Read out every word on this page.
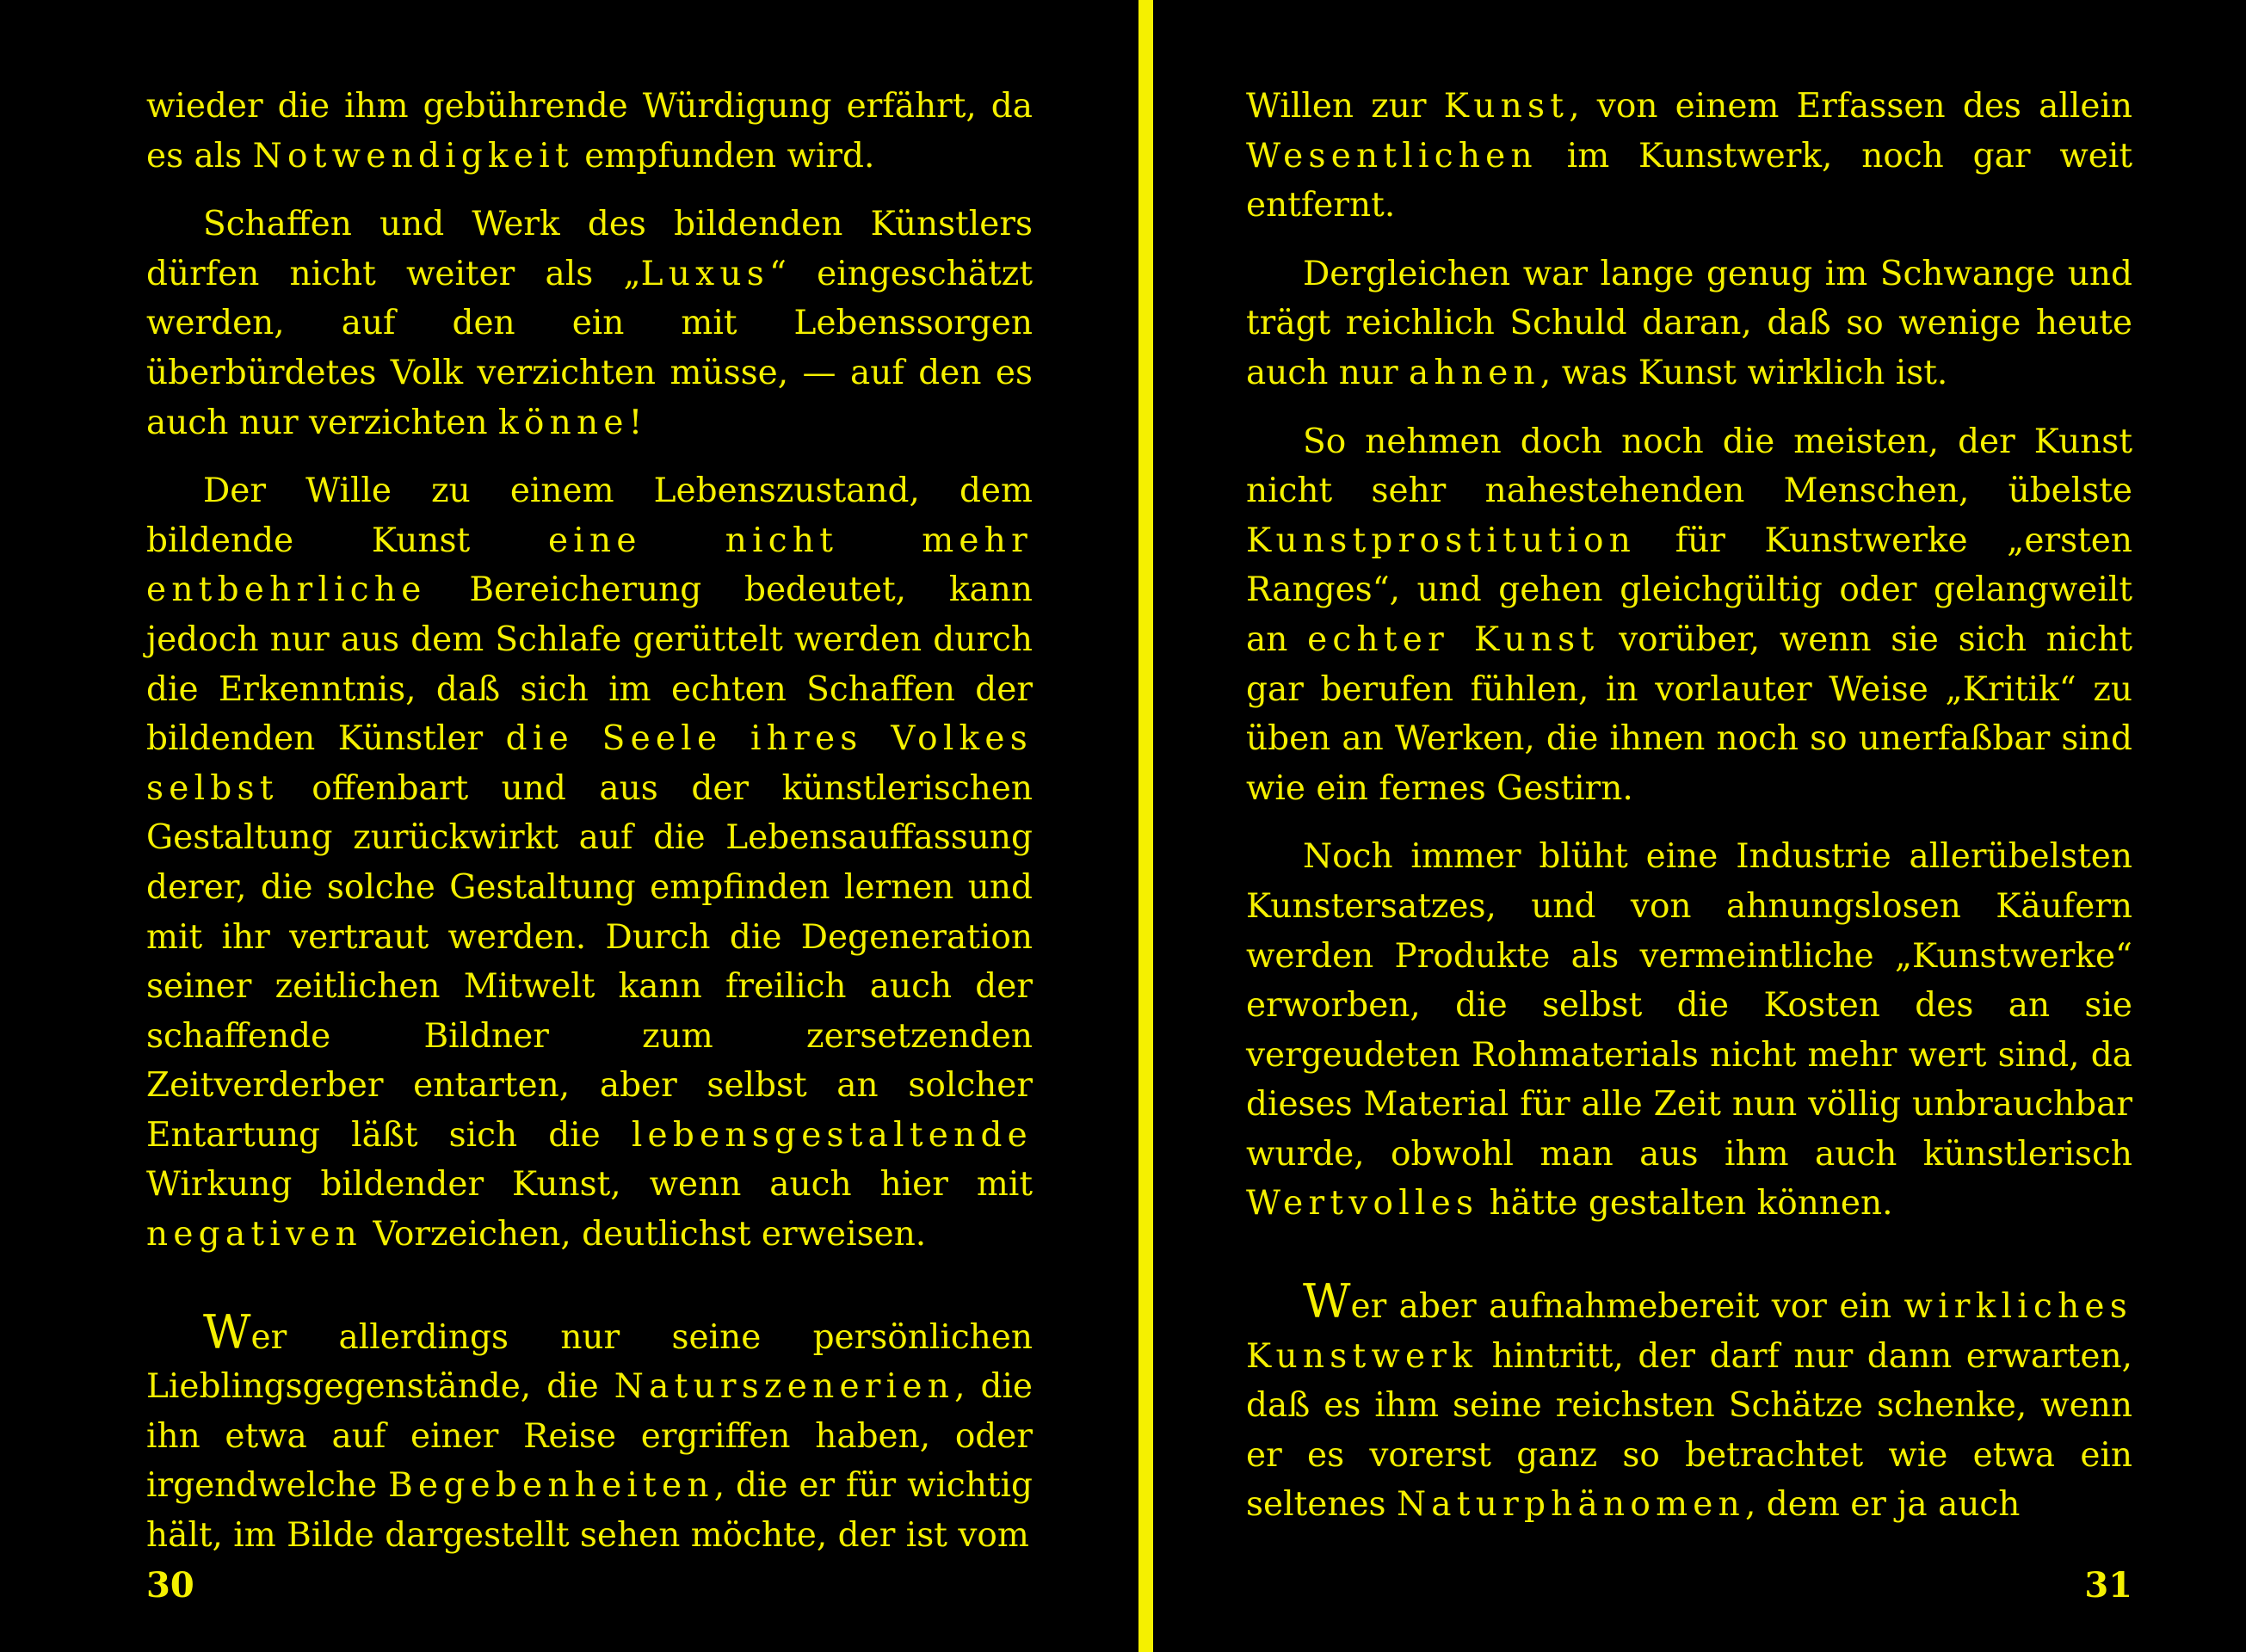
wieder die ihm gebührende Würdigung erfährt, da es als Notwendigkeit empfunden wird.

Schaffen und Werk des bildenden Künstlers dürfen nicht weiter als „Luxus“ eingeschätzt werden, auf den ein mit Lebenssorgen überbürdetes Volk verzichten müsse, — auf den es auch nur verzichten könne!

Der Wille zu einem Lebenszustand, dem bildende Kunst eine nicht mehr entbehrliche Bereicherung bedeutet, kann jedoch nur aus dem Schlafe gerüttelt werden durch die Erkenntnis, daß sich im echten Schaffen der bildenden Künstler die Seele ihres Volkes selbst offenbart und aus der künstlerischen Gestaltung zurückwirkt auf die Lebensauffassung derer, die solche Gestaltung empfinden lernen und mit ihr vertraut werden. Durch die Degeneration seiner zeitlichen Mitwelt kann freilich auch der schaffende Bildner zum zersetzenden Zeitverderber entarten, aber selbst an solcher Entartung läßt sich die lebensgestaltende Wirkung bildender Kunst, wenn auch hier mit negativen Vorzeichen, deutlichst erweisen.

Wer allerdings nur seine persönlichen Lieblingsgegenstände, die Naturszenerien, die ihn etwa auf einer Reise ergriffen haben, oder irgendwelche Begebenheiten, die er für wichtig hält, im Bilde dargestellt sehen möchte, der ist vom

30

Willen zur Kunst, von einem Erfassen des allein Wesentlichen im Kunstwerk, noch gar weit entfernt.

Dergleichen war lange genug im Schwange und trägt reichlich Schuld daran, daß so wenige heute auch nur ahnen, was Kunst wirklich ist.

So nehmen doch noch die meisten, der Kunst nicht sehr nahestehenden Menschen, übelste Kunstprostitution für Kunstwerke „ersten Ranges“, und gehen gleichgültig oder gelangweilt an echter Kunst vorüber, wenn sie sich nicht gar berufen fühlen, in vorlauter Weise „Kritik“ zu üben an Werken, die ihnen noch so unerfaßbar sind wie ein fernes Gestirn.

Noch immer blüht eine Industrie allerübelsten Kunstersatzes, und von ahnungslosen Käufern werden Produkte als vermeintliche „Kunstwerke“ erworben, die selbst die Kosten des an sie vergeudeten Rohmaterials nicht mehr wert sind, da dieses Material für alle Zeit nun völlig unbrauchbar wurde, obwohl man aus ihm auch künstlerisch Wertvolles hätte gestalten können.

Wer aber aufnahmebereit vor ein wirkliches Kunstwerk hintritt, der darf nur dann erwarten, daß es ihm seine reichsten Schätze schenke, wenn er es vorerst ganz so betrachtet wie etwa ein seltenes Naturphänomen, dem er ja auch

31
